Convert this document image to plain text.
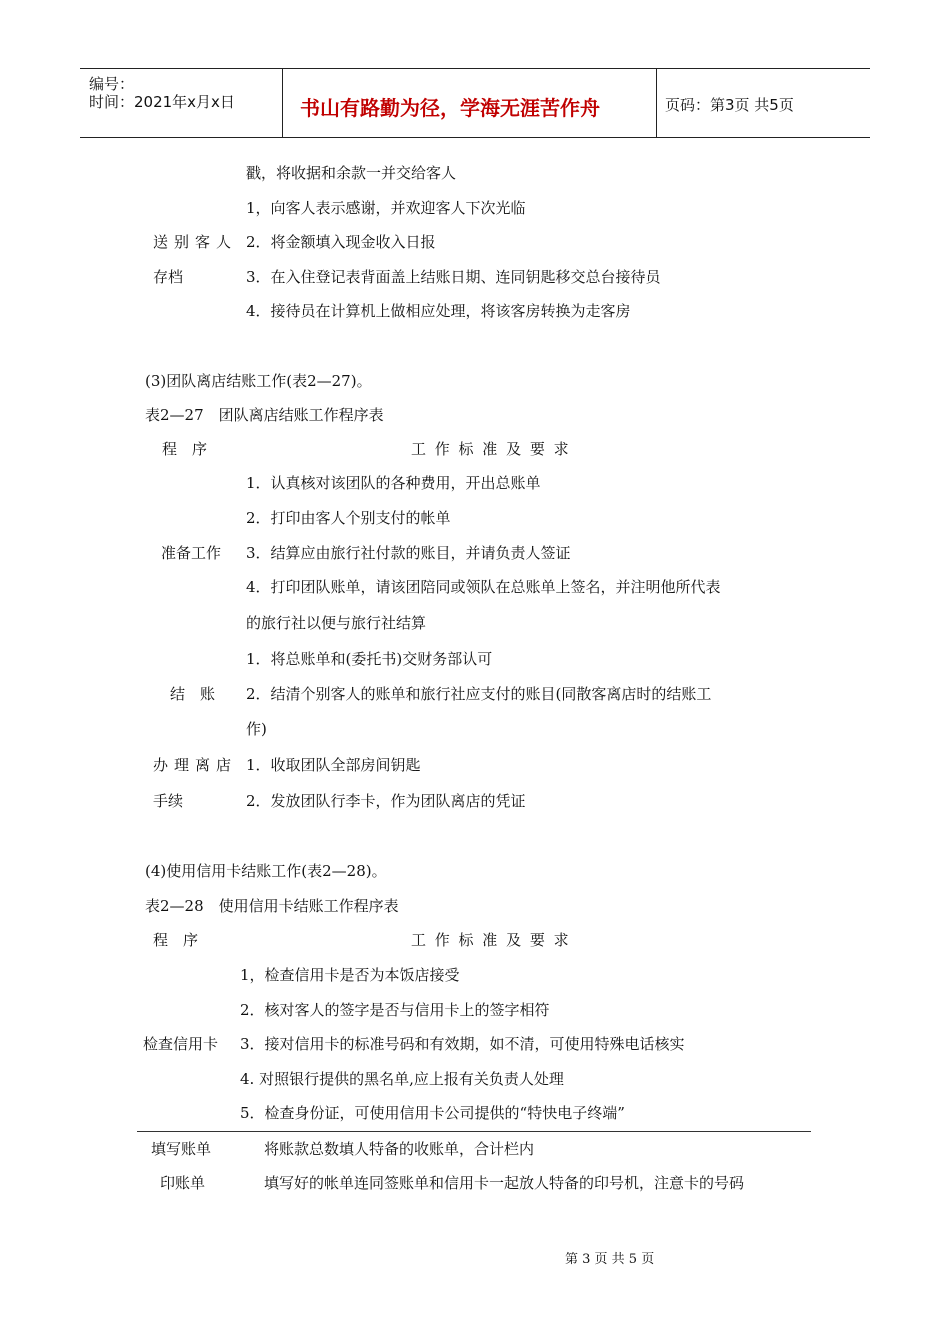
编号：
时间：2021年x月x日	书山有路勤为径，学海无涯苦作舟	页码：第3页 共5页
戳，将收据和余款一并交给客人
1，向客人表示感谢，并欢迎客人下次光临
送别客人 2．将金额填入现金收入日报
存档	3．在入住登记表背面盖上结账日期、连同钥匙移交总台接待员
4．接待员在计算机上做相应处理，将该客房转换为走客房
(3)团队离店结账工作(表2—27)。
表2—27　团队离店结账工作程序表
程　序	工 作 标 准 及 要 求
1．认真核对该团队的各种费用，开出总账单
2．打印由客人个别支付的帐单
准备工作 3．结算应由旅行社付款的账目，并请负责人签证
4．打印团队账单，请该团陪同或领队在总账单上签名，并注明他所代表
的旅行社以便与旅行社结算
1．将总账单和(委托书)交财务部认可
结　账 2．结清个别客人的账单和旅行社应支付的账目(同散客离店时的结账工
作)
办理离店 1．收取团队全部房间钥匙
手续	2．发放团队行李卡，作为团队离店的凭证
(4)使用信用卡结账工作(表2—28)。
表2—28　使用信用卡结账工作程序表
程　序	工 作 标 准 及 要 求
1，检查信用卡是否为本饭店接受
2．核对客人的签字是否与信用卡上的签字相符
检查信用卡 3．接对信用卡的标准号码和有效期，如不清，可使用特殊电话核实
4. 对照银行提供的黑名单,应上报有关负责人处理
5．检查身份证，可使用信用卡公司提供的“特快电子终端”
填写账单	将账款总数填人特备的收账单，合计栏内
印账单	填写好的帐单连同签账单和信用卡一起放人特备的印号机，注意卡的号码
第 3 页 共 5 页
